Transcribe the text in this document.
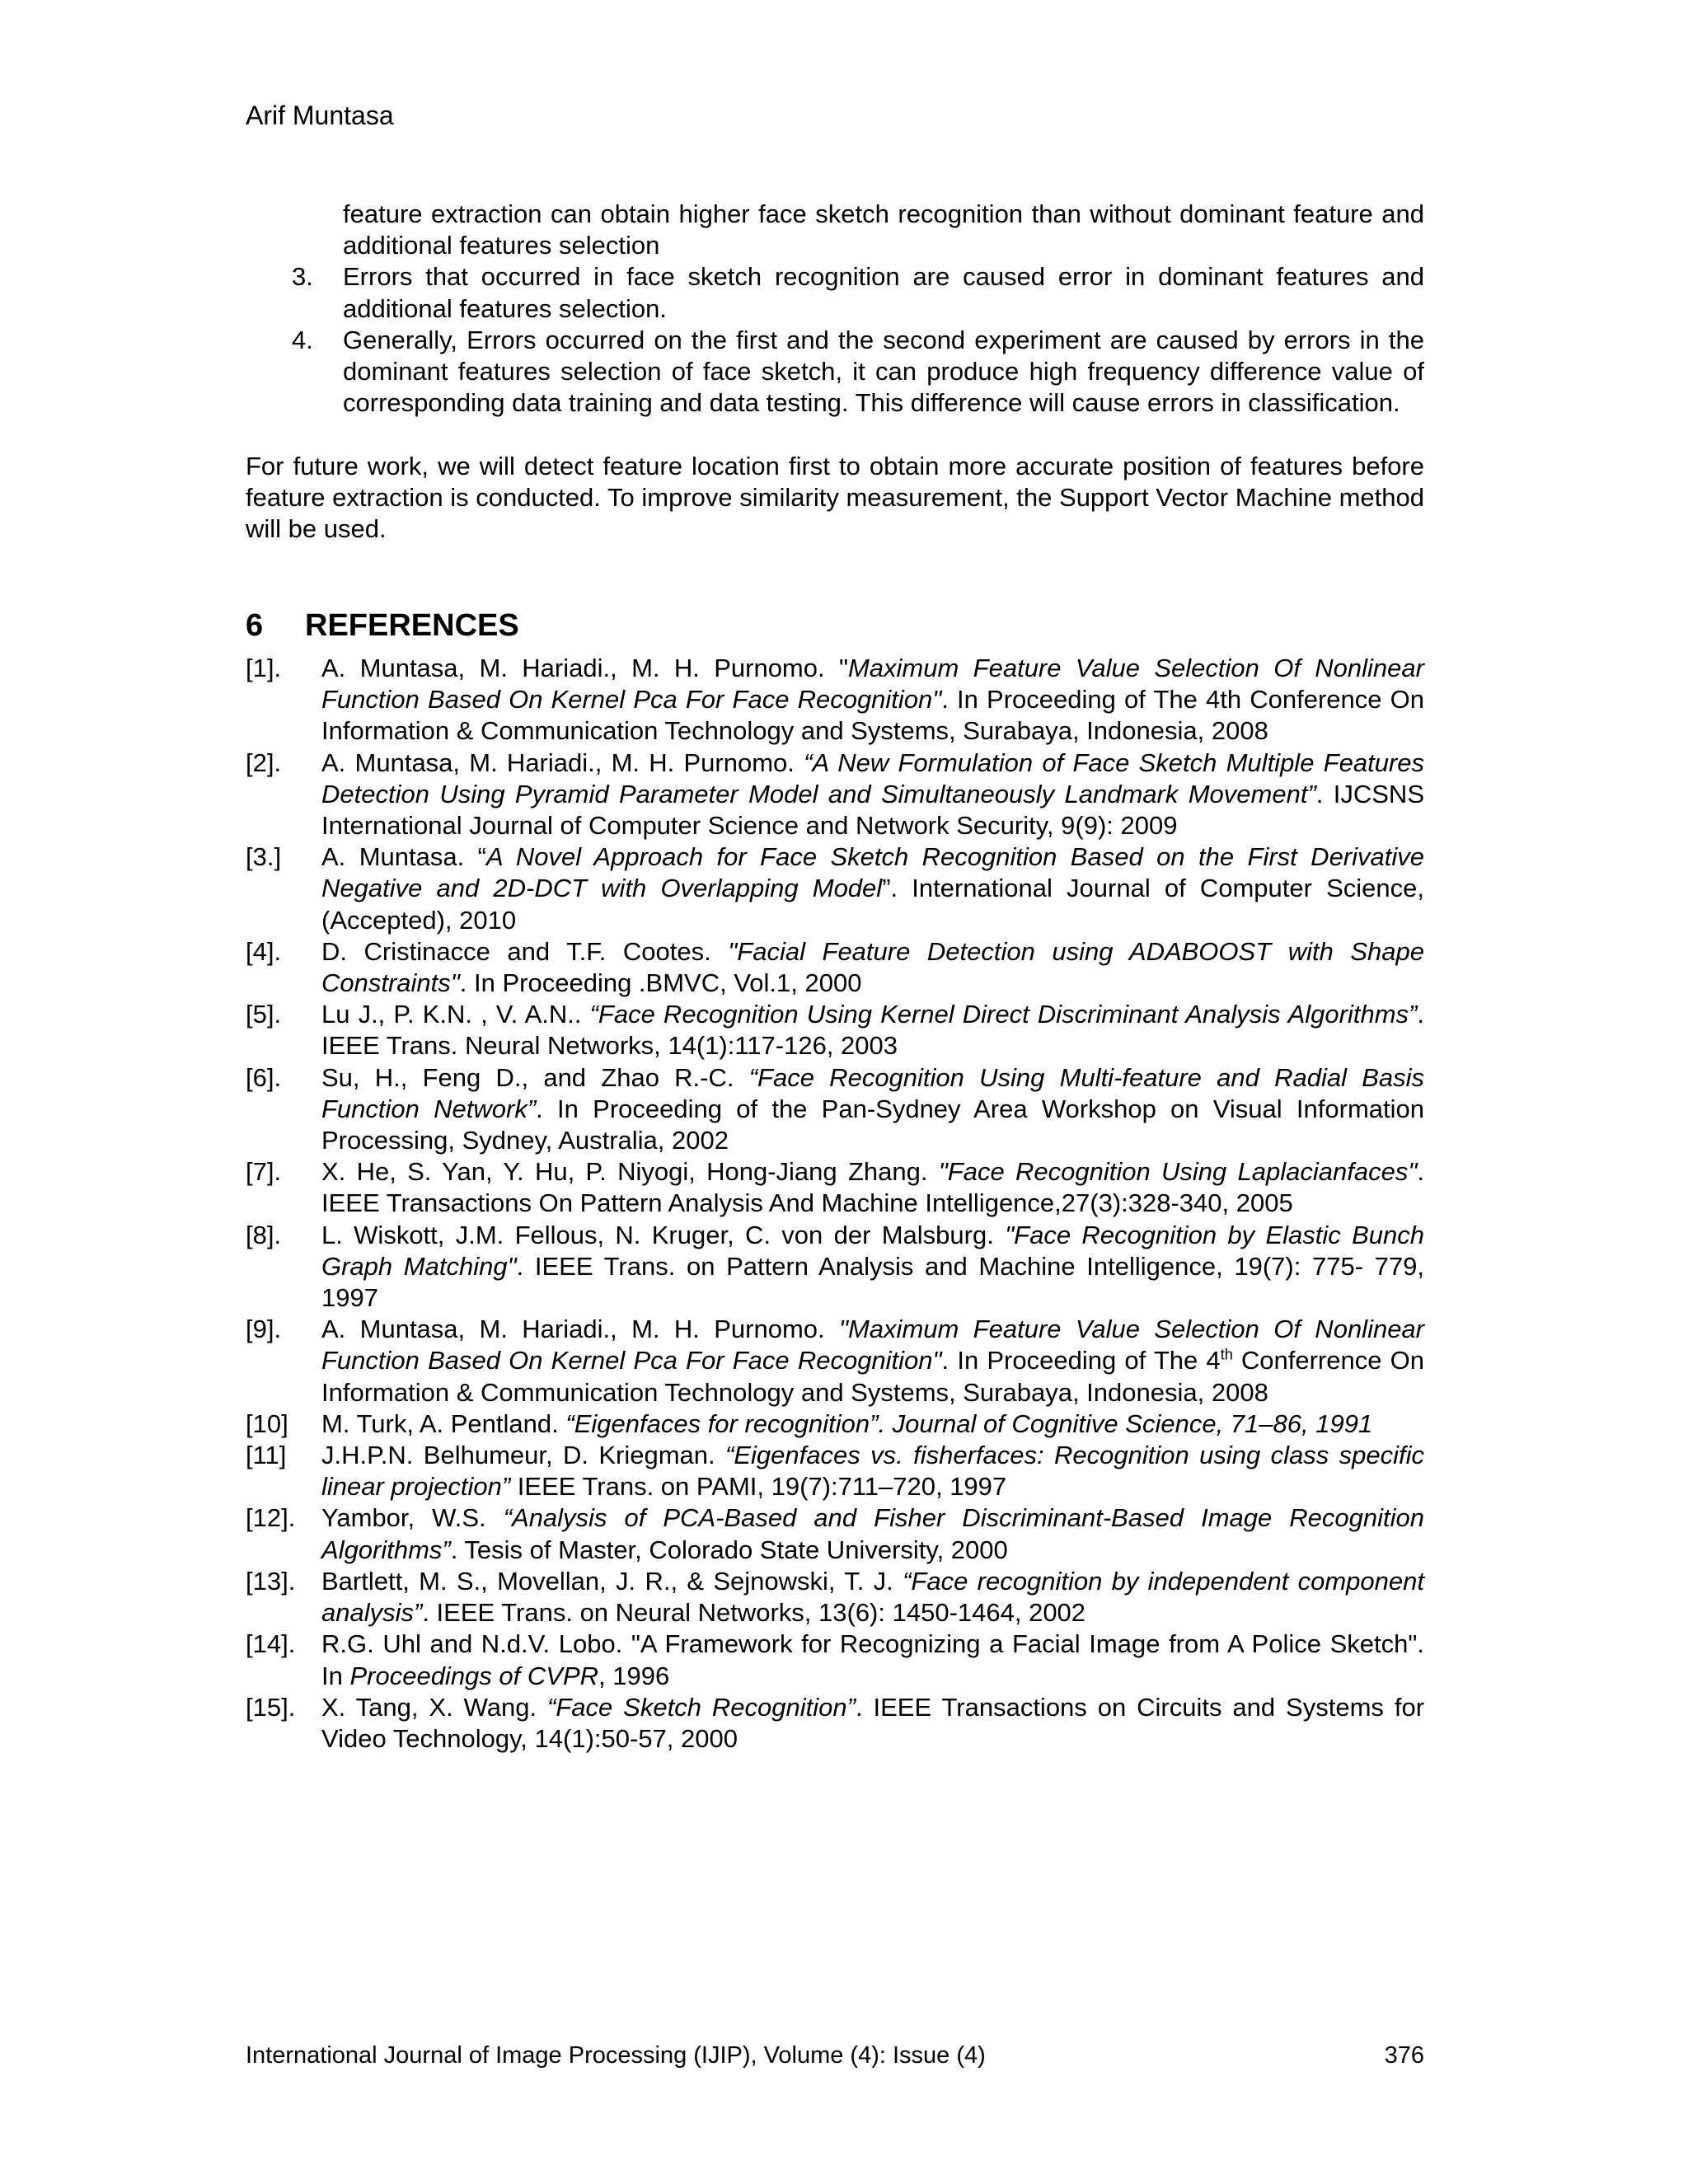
Arif Muntasa
feature extraction can obtain higher face sketch recognition than without dominant feature and additional features selection
3.	Errors that occurred in face sketch recognition are caused error in dominant features and additional features selection.
4.	Generally, Errors occurred on the first and the second experiment are caused by errors in the dominant features selection of face sketch, it can produce high frequency difference value of corresponding data training and data testing. This difference will cause errors in classification.
For future work, we will detect feature location first to obtain more accurate position of features before feature extraction is conducted. To improve similarity measurement, the Support Vector Machine method will be used.
6 REFERENCES
[1].	A. Muntasa, M. Hariadi., M. H. Purnomo. "Maximum Feature Value Selection Of Nonlinear Function Based On Kernel Pca For Face Recognition". In Proceeding of The 4th Conference On Information & Communication Technology and Systems, Surabaya, Indonesia, 2008
[2].	A. Muntasa, M. Hariadi., M. H. Purnomo. “A New Formulation of Face Sketch Multiple Features Detection Using Pyramid Parameter Model and Simultaneously Landmark Movement”. IJCSNS International Journal of Computer Science and Network Security, 9(9): 2009
[3.]	A. Muntasa. “A Novel Approach for Face Sketch Recognition Based on the First Derivative Negative and 2D-DCT with Overlapping Model”. International Journal of Computer Science, (Accepted), 2010
[4].	D. Cristinacce and T.F. Cootes. "Facial Feature Detection using ADABOOST with Shape Constraints". In Proceeding .BMVC, Vol.1, 2000
[5].	Lu J., P. K.N. , V. A.N.. “Face Recognition Using Kernel Direct Discriminant Analysis Algorithms”. IEEE Trans. Neural Networks, 14(1):117-126, 2003
[6].	Su, H., Feng D., and Zhao R.-C. “Face Recognition Using Multi-feature and Radial Basis Function Network”. In Proceeding of the Pan-Sydney Area Workshop on Visual Information Processing, Sydney, Australia, 2002
[7].	X. He, S. Yan, Y. Hu, P. Niyogi, Hong-Jiang Zhang. "Face Recognition Using Laplacianfaces". IEEE Transactions On Pattern Analysis And Machine Intelligence,27(3):328-340, 2005
[8].	L. Wiskott, J.M. Fellous, N. Kruger, C. von der Malsburg. "Face Recognition by Elastic Bunch Graph Matching". IEEE Trans. on Pattern Analysis and Machine Intelligence, 19(7): 775- 779, 1997
[9].	A. Muntasa, M. Hariadi., M. H. Purnomo. "Maximum Feature Value Selection Of Nonlinear Function Based On Kernel Pca For Face Recognition". In Proceeding of The 4th Conferrence On Information & Communication Technology and Systems, Surabaya, Indonesia, 2008
[10]	M. Turk, A. Pentland. “Eigenfaces for recognition”. Journal of Cognitive Science, 71–86, 1991
[11]	J.H.P.N. Belhumeur, D. Kriegman. “Eigenfaces vs. fisherfaces: Recognition using class specific linear projection” IEEE Trans. on PAMI, 19(7):711–720, 1997
[12].	Yambor, W.S. “Analysis of PCA-Based and Fisher Discriminant-Based Image Recognition Algorithms”. Tesis of Master, Colorado State University, 2000
[13].	Bartlett, M. S., Movellan, J. R., & Sejnowski, T. J. “Face recognition by independent component analysis”. IEEE Trans. on Neural Networks, 13(6): 1450-1464, 2002
[14].	R.G. Uhl and N.d.V. Lobo. "A Framework for Recognizing a Facial Image from A Police Sketch". In Proceedings of CVPR, 1996
[15].	X. Tang, X. Wang. “Face Sketch Recognition”. IEEE Transactions on Circuits and Systems for Video Technology, 14(1):50-57, 2000
International Journal of Image Processing (IJIP), Volume (4): Issue (4)	376
